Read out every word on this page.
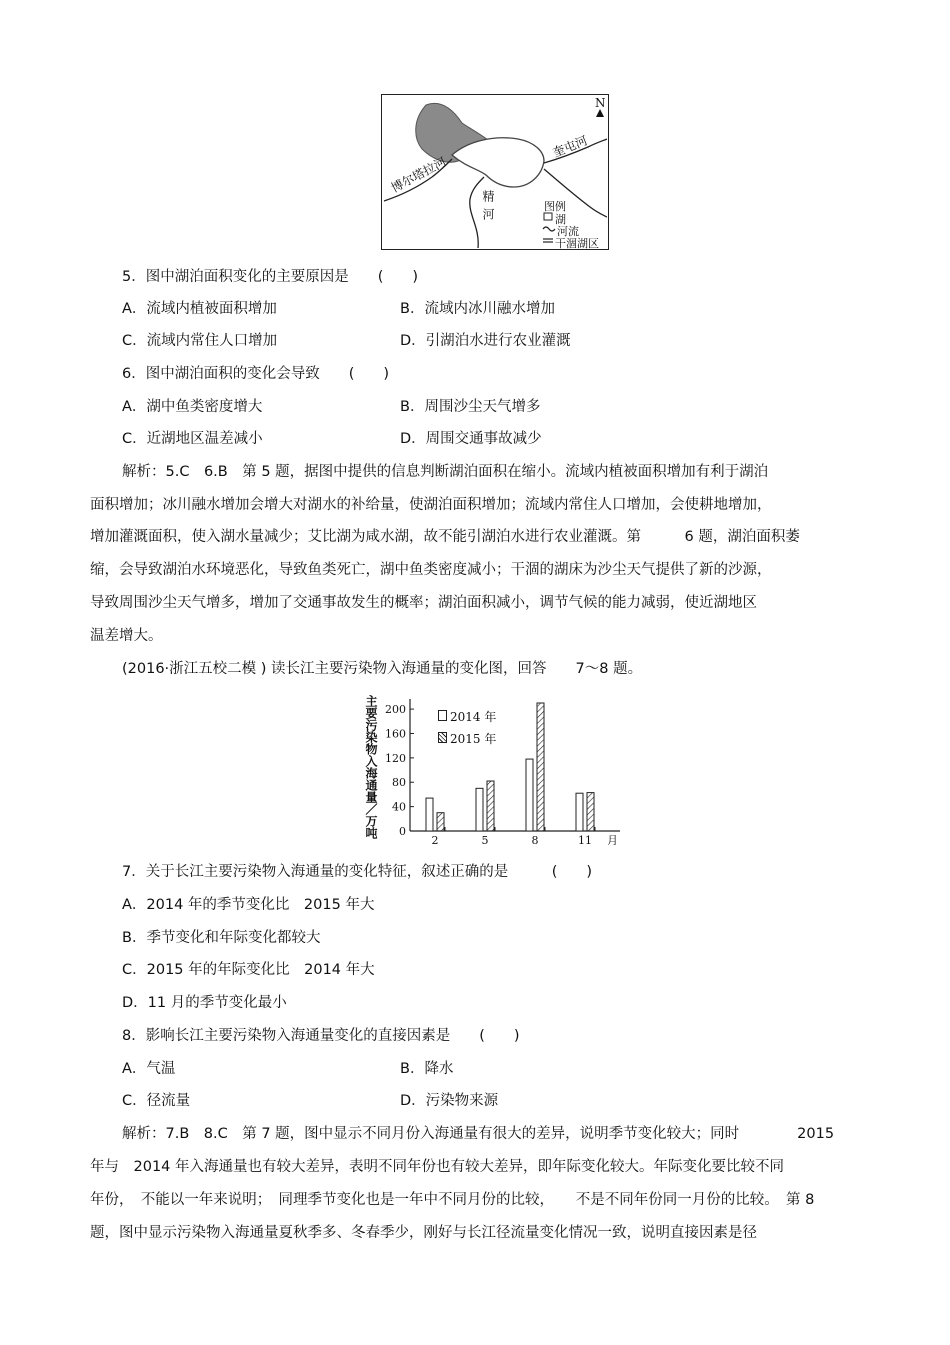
N
博尔塔拉河
精河
奎屯河
图例
湖
河流
干涸湖区
5．图中湖泊面积变化的主要原因是　　(　　)
A．流域内植被面积增加	B．流域内冰川融水增加
C．流域内常住人口增加	D．引湖泊水进行农业灌溉
6．图中湖泊面积的变化会导致　　(　　)
A．湖中鱼类密度增大	B．周围沙尘天气增多
C．近湖地区温差减小	D．周围交通事故减少
解析：5.C　6.B　第 5 题，据图中提供的信息判断湖泊面积在缩小。流域内植被面积增加有利于湖泊
面积增加；冰川融水增加会增大对湖水的补给量，使湖泊面积增加；流域内常住人口增加，会使耕地增加，
增加灌溉面积，使入湖水量减少；艾比湖为咸水湖，故不能引湖泊水进行农业灌溉。第　　　6 题，湖泊面积萎
缩，会导致湖泊水环境恶化，导致鱼类死亡，湖中鱼类密度减小；干涸的湖床为沙尘天气提供了新的沙源，
导致周围沙尘天气增多，增加了交通事故发生的概率；湖泊面积减小，调节气候的能力减弱，使近湖地区
温差增大。
(2016·浙江五校二模 ) 读长江主要污染物入海通量的变化图，回答　　7～8 题。
0
40
80
120
160
200
2	5	8	11 月
主要污染物入海通量／万吨	2014 年
2015 年
7．关于长江主要污染物入海通量的变化特征，叙述正确的是　　　(　　)
A．2014 年的季节变化比　2015 年大
B．季节变化和年际变化都较大
C．2015 年的年际变化比　2014 年大
D．11 月的季节变化最小
8．影响长江主要污染物入海通量变化的直接因素是　　(　　)
A．气温	B．降水
C．径流量	D．污染物来源
解析：7.B　8.C　第 7 题，图中显示不同月份入海通量有很大的差异，说明季节变化较大；同时　　　　2015
年与　2014 年入海通量也有较大差异，表明不同年份也有较大差异，即年际变化较大。年际变化要比较不同
年份，　不能以一年来说明；　同理季节变化也是一年中不同月份的比较，　　不是不同年份同一月份的比较。　第 8
题，图中显示污染物入海通量夏秋季多、冬春季少，刚好与长江径流量变化情况一致，说明直接因素是径
